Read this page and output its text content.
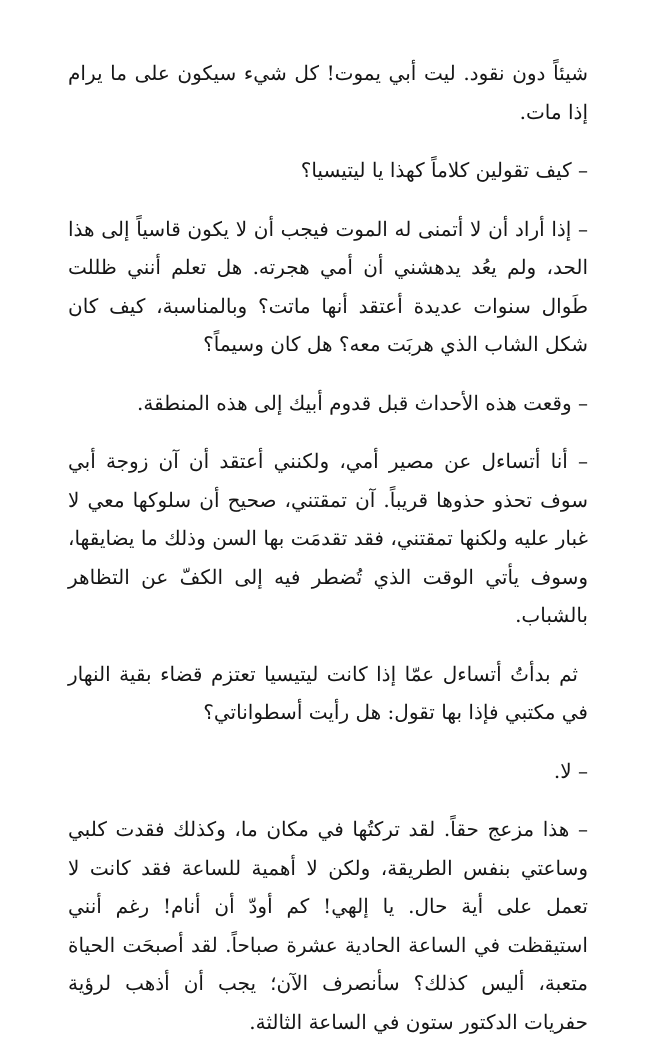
شيئاً دون نقود. ليت أبي يموت! كل شيء سيكون على ما يرام إذا مات.

– كيف تقولين كلاماً كهذا يا ليتيسيا؟

– إذا أراد أن لا أتمنى له الموت فيجب أن لا يكون قاسياً إلى هذا الحد، ولم يعُد يدهشني أن أمي هجرته. هل تعلم أنني ظللت طَوال سنوات عديدة أعتقد أنها ماتت؟ وبالمناسبة، كيف كان شكل الشاب الذي هربَت معه؟ هل كان وسيماً؟

– وقعت هذه الأحداث قبل قدوم أبيك إلى هذه المنطقة.

– أنا أتساءل عن مصير أمي، ولكنني أعتقد أن آن زوجة أبي سوف تحذو حذوها قريباً. آن تمقتني، صحيح أن سلوكها معي لا غبار عليه ولكنها تمقتني، فقد تقدمَت بها السن وذلك ما يضايقها، وسوف يأتي الوقت الذي تُضطر فيه إلى الكفّ عن التظاهر بالشباب.

ثم بدأتُ أتساءل عمّا إذا كانت ليتيسيا تعتزم قضاء بقية النهار في مكتبي فإذا بها تقول: هل رأيت أسطواناتي؟

– لا.

– هذا مزعج حقاً. لقد تركتُها في مكان ما، وكذلك فقدت كلبي وساعتي بنفس الطريقة، ولكن لا أهمية للساعة فقد كانت لا تعمل على أية حال. يا إلهي! كم أودّ أن أنام! رغم أنني استيقظت في الساعة الحادية عشرة صباحاً. لقد أصبحَت الحياة متعبة، أليس كذلك؟ سأنصرف الآن؛ يجب أن أذهب لرؤية حفريات الدكتور ستون في الساعة الثالثة.
